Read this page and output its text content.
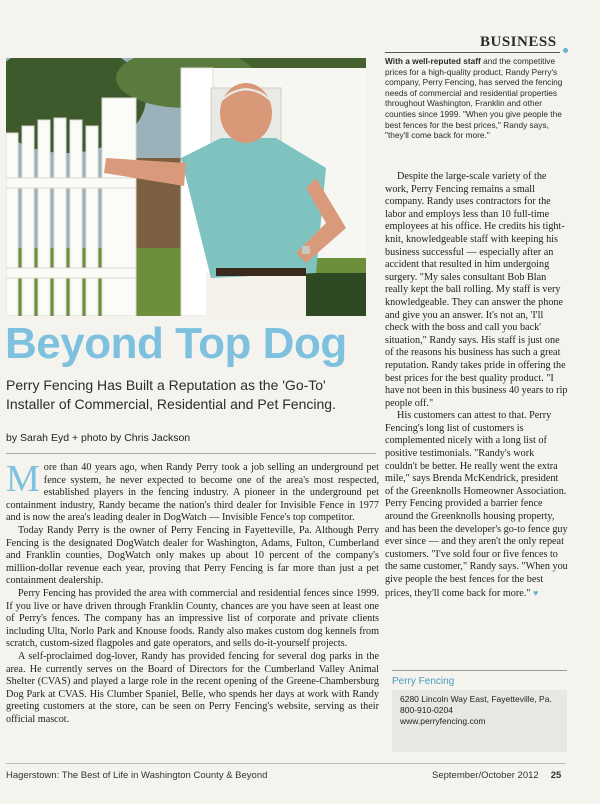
BUSINESS
With a well-reputed staff and the competitive prices for a high-quality product, Randy Perry's company, Perry Fencing, has served the fencing needs of commercial and residential properties throughout Washington, Franklin and other counties since 1999. "When you give people the best fences for the best prices," Randy says, "they'll come back for more."
Beyond Top Dog
Perry Fencing Has Built a Reputation as the 'Go-To' Installer of Commercial, Residential and Pet Fencing.
by Sarah Eyd + photo by Chris Jackson

More than 40 years ago, when Randy Perry took a job selling an underground pet fence system, he never expected to become one of the area's most respected, established players in the fencing industry. A pioneer in the underground pet containment industry, Randy became the nation's third dealer for Invisible Fence in 1977 and is now the area's leading dealer in DogWatch — Invisible Fence's top competitor.

Today Randy Perry is the owner of Perry Fencing in Fayetteville, Pa. Although Perry Fencing is the designated DogWatch dealer for Washington, Adams, Fulton, Cumberland and Franklin counties, DogWatch only makes up about 10 percent of the company's million-dollar revenue each year, proving that Perry Fencing is far more than just a pet containment dealership.

Perry Fencing has provided the area with commercial and residential fences since 1999. If you live or have driven through Franklin County, chances are you have seen at least one of Perry's fences. The company has an impressive list of corporate and private clients including Ulta, Norlo Park and Knouse foods. Randy also makes custom dog kennels from scratch, custom-sized flagpoles and gate operators, and sells do-it-yourself projects.

A self-proclaimed dog-lover, Randy has provided fencing for several dog parks in the area. He currently serves on the Board of Directors for the Cumberland Valley Animal Shelter (CVAS) and played a large role in the recent opening of the Greene-Chambersburg Dog Park at CVAS. His Clumber Spaniel, Belle, who spends her days at work with Randy greeting customers at the store, can be seen on Perry Fencing's website, serving as their official mascot.

Despite the large-scale variety of the work, Perry Fencing remains a small company. Randy uses contractors for the labor and employs less than 10 full-time employees at his office. He credits his tight-knit, knowledgeable staff with keeping his business successful — especially after an accident that resulted in him undergoing surgery. "My sales consultant Bob Blan really kept the ball rolling. My staff is very knowledgeable. They can answer the phone and give you an answer. It's not an, 'I'll check with the boss and call you back' situation," Randy says. His staff is just one of the reasons his business has such a great reputation. Randy takes pride in offering the best prices for the best quality product. "I have not been in this business 40 years to rip people off."

His customers can attest to that. Perry Fencing's long list of customers is complemented nicely with a long list of positive testimonials. "Randy's work couldn't be better. He really went the extra mile," says Brenda McKendrick, president of the Greenknolls Homeowner Association. Perry Fencing provided a barrier fence around the Greenknolls housing property, and has been the developer's go-to fence guy ever since — and they aren't the only repeat customers. "I've sold four or five fences to the same customer," Randy says. "When you give people the best fences for the best prices, they'll come back for more." ♥

Perry Fencing
6280 Lincoln Way East, Fayetteville, Pa.
800-910-0204
www.perryfencing.com
Hagerstown: The Best of Life in Washington County & Beyond	September/October 2012 25
